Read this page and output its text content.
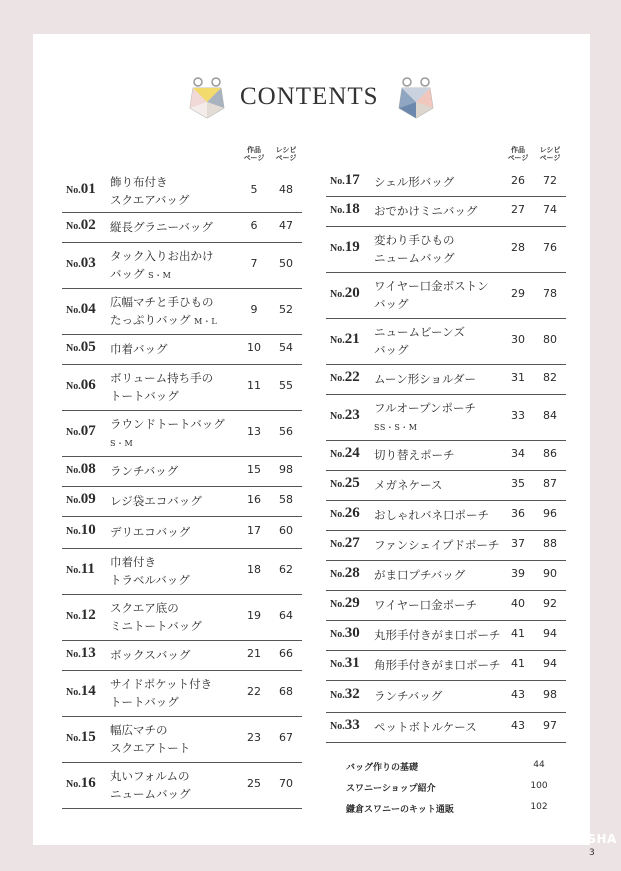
CONTENTS
作品
ページ
レシピ
ページ
作品
ページ
レシピ
ページ
No.01 飾り布付き
スクエアバッグ
5	48
No.02 縦長グラニーバッグ	6	47
No.03 タック入りお出かけ
バッグ S・M
7	50
No.04 広幅マチと手ひもの
たっぷりバッグ M・L
9	52
No.05 巾着バッグ	10 54
No.06 ボリューム持ち手の
トートバッグ
11 55
No.07 ラウンドトートバッグ
S・M
13 56
No.08 ランチバッグ	15 98
No.09 レジ袋エコバッグ	16 58
No.10 デリエコバッグ	17 60
No.11 巾着付き
トラベルバッグ
18 62
No.12 スクエア底の
ミニトートバッグ
19 64
No.13 ボックスバッグ	21 66
No.14 サイドポケット付き
トートバッグ
22 68
No.15 幅広マチの
スクエアトート
23 67
No.16 丸いフォルムの
ニュームバッグ
25 70
No.17 シェル形バッグ	26 72
No.18 おでかけミニバッグ	27 74
No.19 変わり手ひもの
ニュームバッグ
28 76
No.20 ワイヤー口金ボストン
バッグ
29 78
No.21 ニュームビーンズ
バッグ
30 80
No.22 ムーン形ショルダー	31 82
No.23 フルオープンポーチ
SS・S・M
33 84
No.24 切り替えポーチ	34 86
No.25 メガネケース	35 87
No.26 おしゃれバネ口ポーチ 36 96
No.27 ファンシェイプドポーチ 37 88
No.28 がま口プチバッグ	39 90
No.29 ワイヤー口金ポーチ	40 92
No.30 丸形手付きがま口ポーチ 41 94
No.31 角形手付きがま口ポーチ 41 94
No.32 ランチバッグ	43 98
No.33 ペットボトルケース	43 97
バッグ作りの基礎	44
スワニーショップ紹介	100
鎌倉スワニーのキット通販	102
BOUTIQUE-SHA
3
